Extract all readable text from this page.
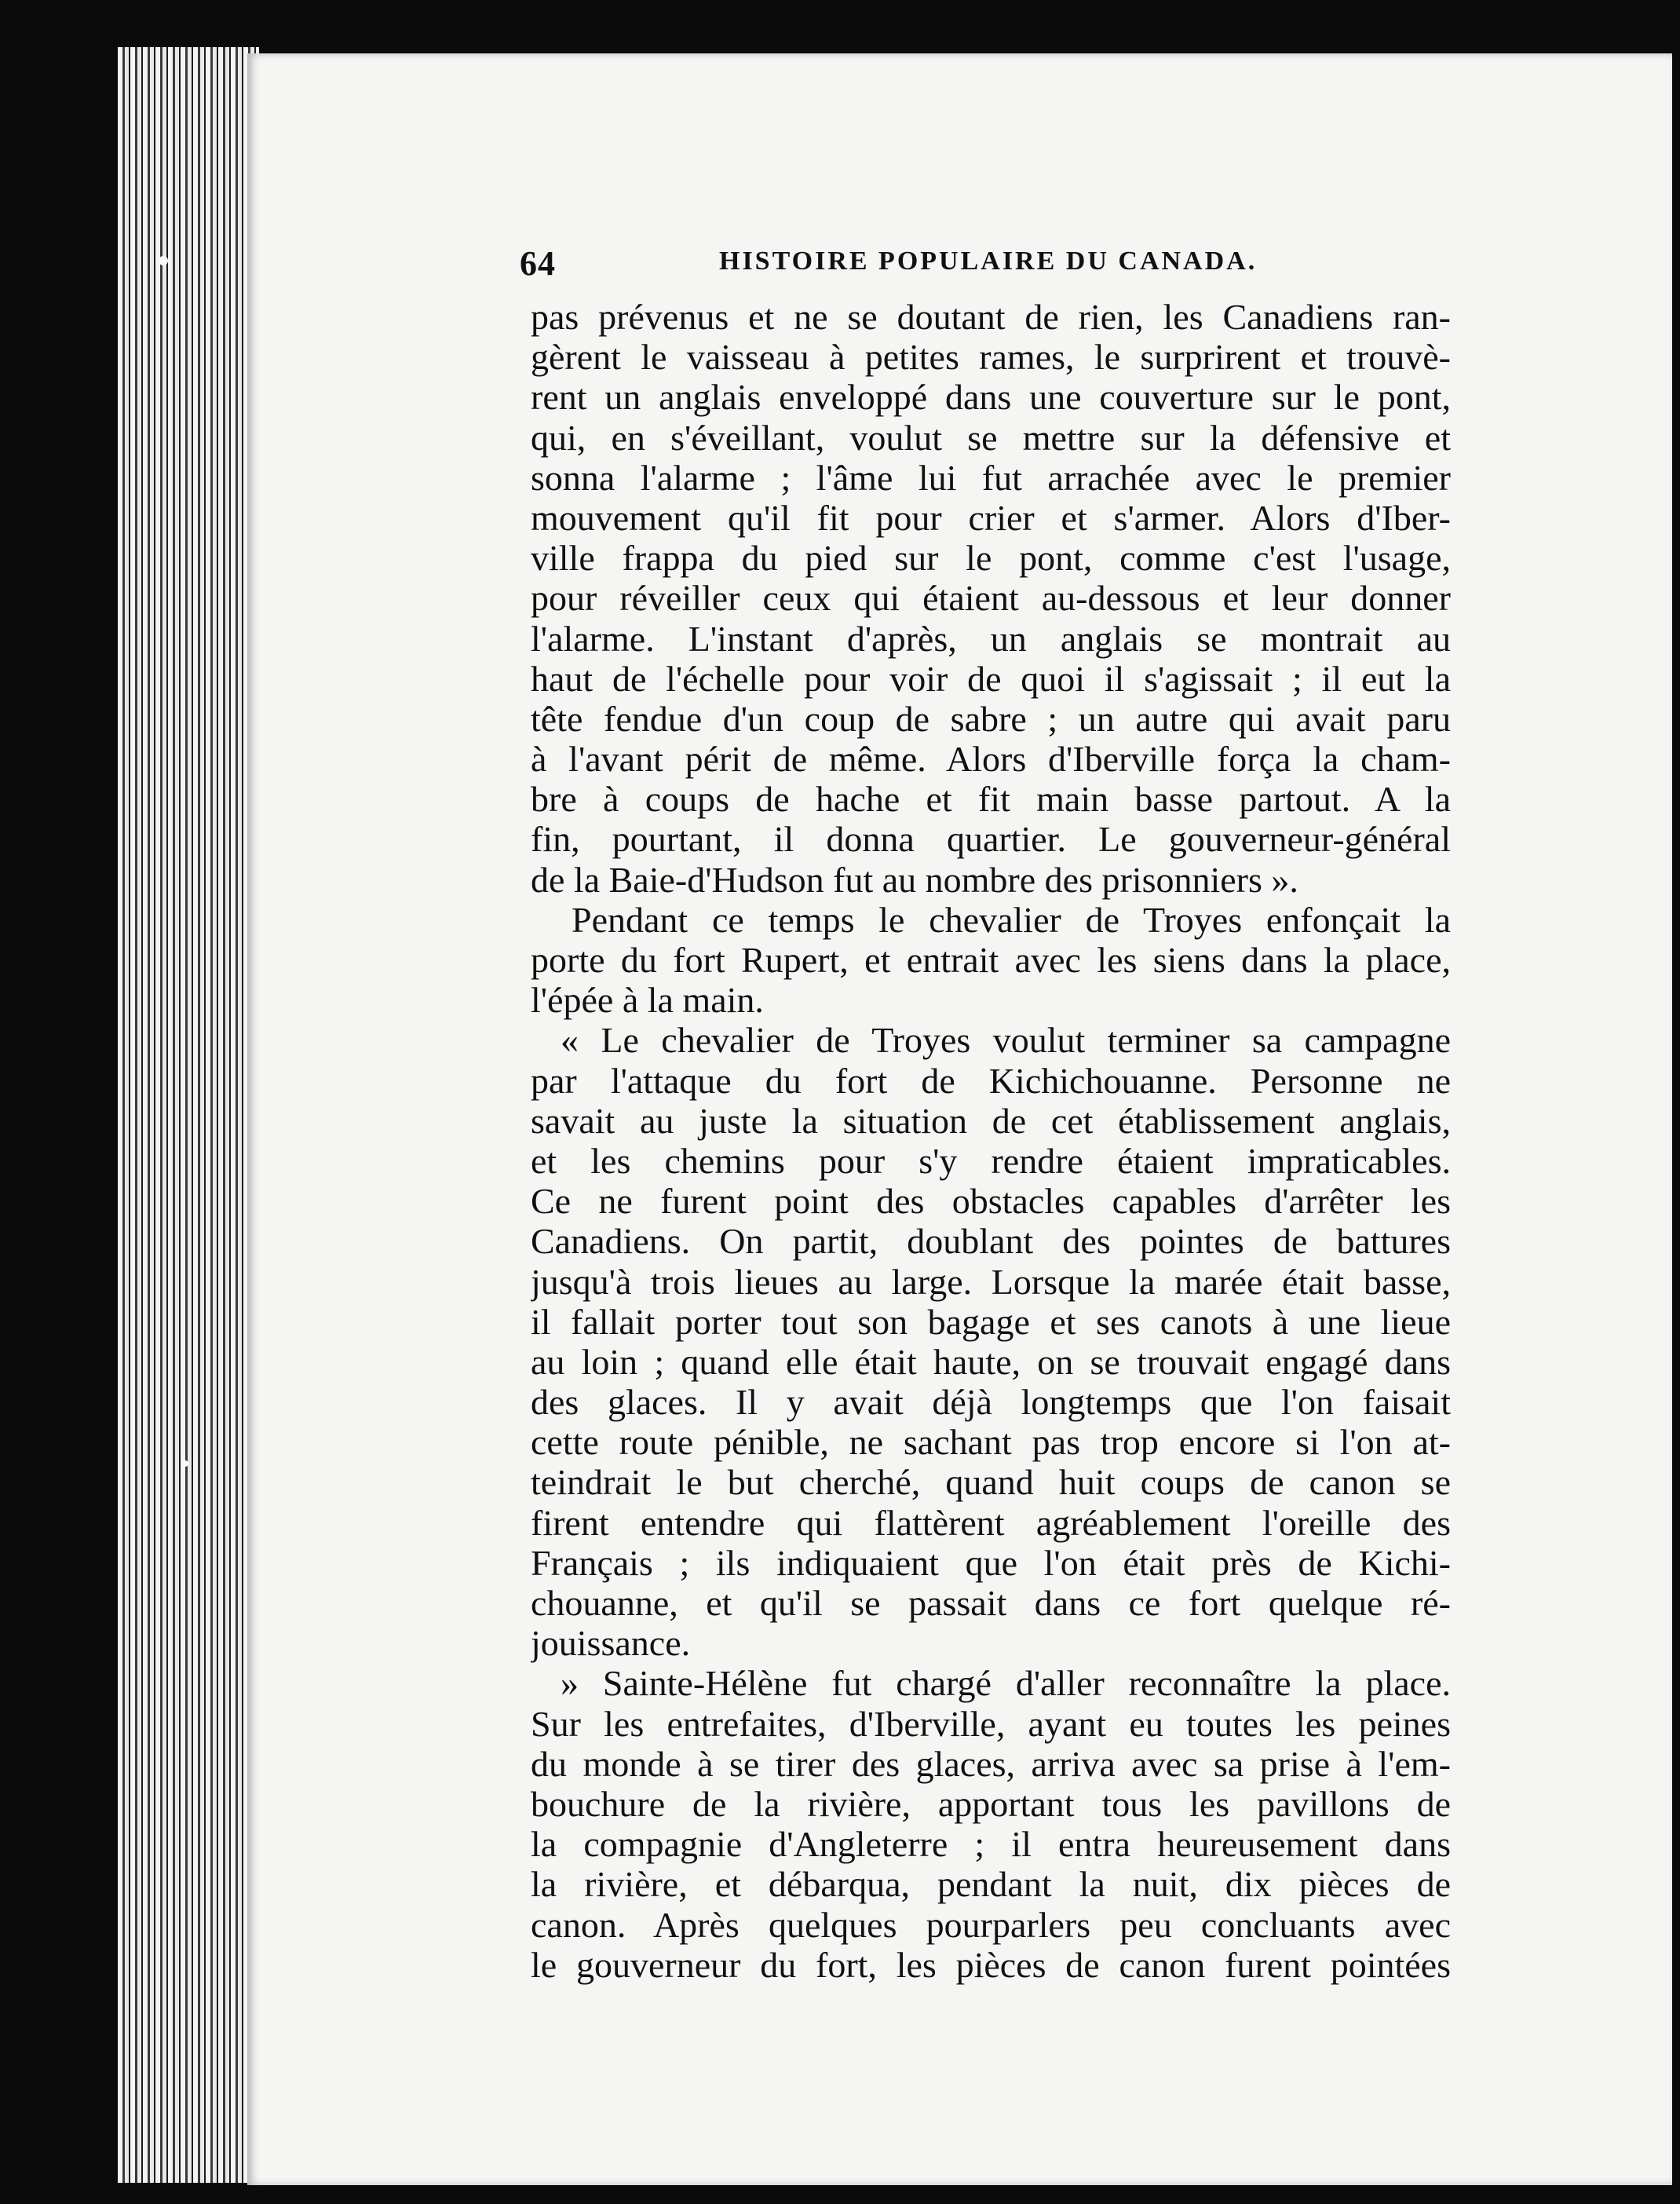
64	HISTOIRE POPULAIRE DU CANADA.
pas prévenus et ne se doutant de rien, les Canadiens ran-
gèrent le vaisseau à petites rames, le surprirent et trouvè-
rent un anglais enveloppé dans une couverture sur le pont,
qui, en s'éveillant, voulut se mettre sur la défensive et
sonna l'alarme ; l'âme lui fut arrachée avec le premier
mouvement qu'il fit pour crier et s'armer. Alors d'Iber-
ville frappa du pied sur le pont, comme c'est l'usage,
pour réveiller ceux qui étaient au-dessous et leur donner
l'alarme. L'instant d'après, un anglais se montrait au
haut de l'échelle pour voir de quoi il s'agissait ; il eut la
tête fendue d'un coup de sabre ; un autre qui avait paru
à l'avant périt de même. Alors d'Iberville força la cham-
bre à coups de hache et fit main basse partout. A la
fin, pourtant, il donna quartier. Le gouverneur-général
de la Baie-d'Hudson fut au nombre des prisonniers ».
Pendant ce temps le chevalier de Troyes enfonçait la
porte du fort Rupert, et entrait avec les siens dans la place,
l'épée à la main.
« Le chevalier de Troyes voulut terminer sa campagne
par l'attaque du fort de Kichichouanne. Personne ne
savait au juste la situation de cet établissement anglais,
et les chemins pour s'y rendre étaient impraticables.
Ce ne furent point des obstacles capables d'arrêter les
Canadiens. On partit, doublant des pointes de battures
jusqu'à trois lieues au large. Lorsque la marée était basse,
il fallait porter tout son bagage et ses canots à une lieue
au loin ; quand elle était haute, on se trouvait engagé dans
des glaces. Il y avait déjà longtemps que l'on faisait
cette route pénible, ne sachant pas trop encore si l'on at-
teindrait le but cherché, quand huit coups de canon se
firent entendre qui flattèrent agréablement l'oreille des
Français ; ils indiquaient que l'on était près de Kichi-
chouanne, et qu'il se passait dans ce fort quelque ré-
jouissance.
» Sainte-Hélène fut chargé d'aller reconnaître la place.
Sur les entrefaites, d'Iberville, ayant eu toutes les peines
du monde à se tirer des glaces, arriva avec sa prise à l'em-
bouchure de la rivière, apportant tous les pavillons de
la compagnie d'Angleterre ; il entra heureusement dans
la rivière, et débarqua, pendant la nuit, dix pièces de
canon. Après quelques pourparlers peu concluants avec
le gouverneur du fort, les pièces de canon furent pointées
